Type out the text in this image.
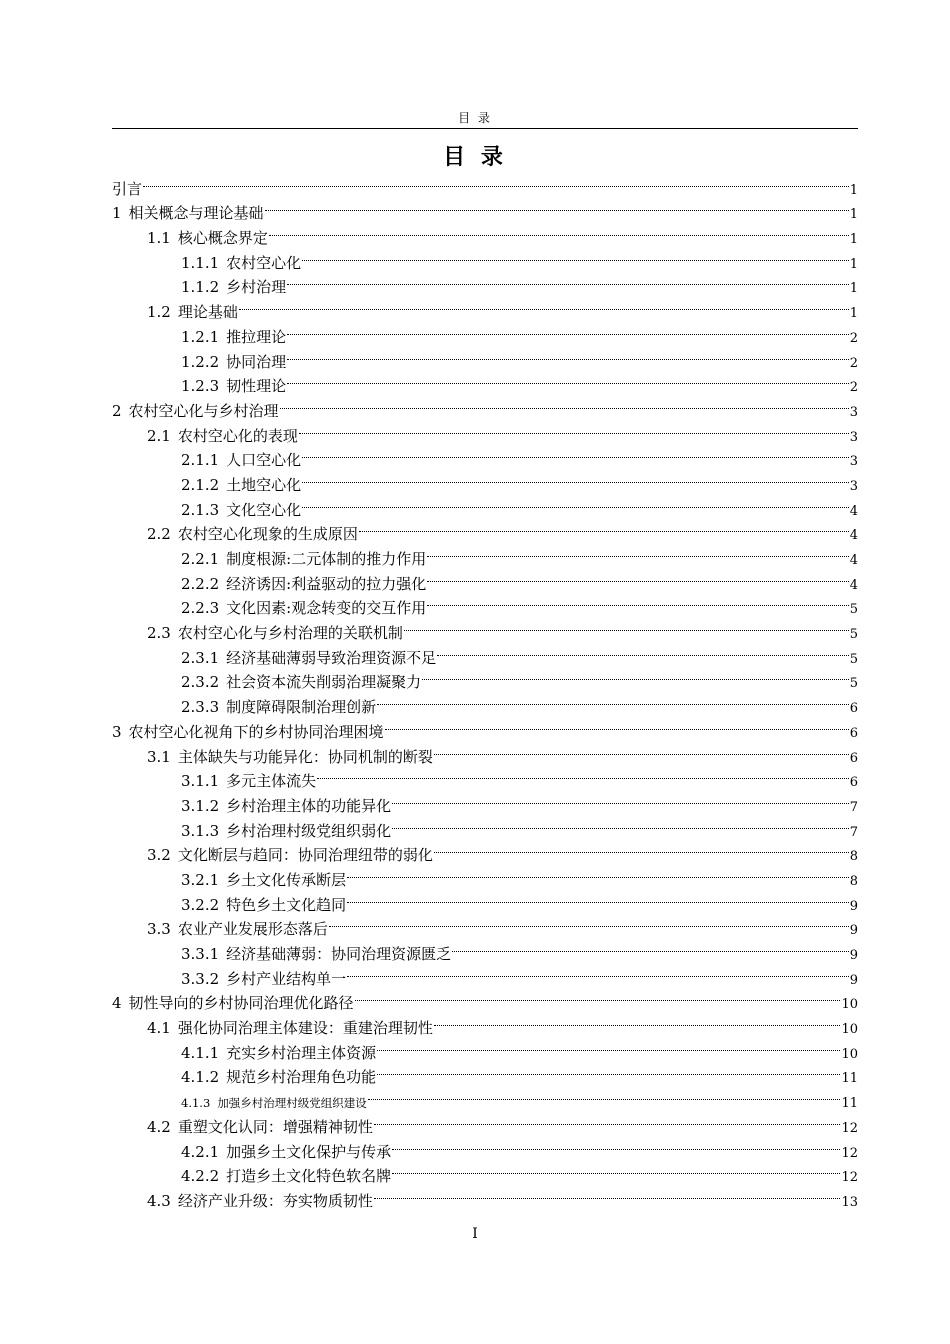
目 录
目 录
引言	1
1 相关概念与理论基础	1
1.1 核心概念界定	1
1.1.1 农村空心化	1
1.1.2 乡村治理	1
1.2 理论基础	1
1.2.1 推拉理论	2
1.2.2 协同治理	2
1.2.3 韧性理论	2
2 农村空心化与乡村治理	3
2.1 农村空心化的表现	3
2.1.1 人口空心化	3
2.1.2 土地空心化	3
2.1.3 文化空心化	4
2.2 农村空心化现象的生成原因	4
2.2.1 制度根源:二元体制的推力作用	4
2.2.2 经济诱因:利益驱动的拉力强化	4
2.2.3 文化因素:观念转变的交互作用	5
2.3 农村空心化与乡村治理的关联机制	5
2.3.1 经济基础薄弱导致治理资源不足	5
2.3.2 社会资本流失削弱治理凝聚力	5
2.3.3 制度障碍限制治理创新	6
3 农村空心化视角下的乡村协同治理困境	6
3.1 主体缺失与功能异化：协同机制的断裂	6
3.1.1 多元主体流失	6
3.1.2 乡村治理主体的功能异化	7
3.1.3 乡村治理村级党组织弱化	7
3.2 文化断层与趋同：协同治理纽带的弱化	8
3.2.1 乡土文化传承断层	8
3.2.2 特色乡土文化趋同	9
3.3 农业产业发展形态落后	9
3.3.1 经济基础薄弱：协同治理资源匮乏	9
3.3.2 乡村产业结构单一	9
4 韧性导向的乡村协同治理优化路径	10
4.1 强化协同治理主体建设：重建治理韧性	10
4.1.1 充实乡村治理主体资源	10
4.1.2 规范乡村治理角色功能	11
4.1.3 加强乡村治理村级党组织建设	11
4.2 重塑文化认同：增强精神韧性	12
4.2.1 加强乡土文化保护与传承	12
4.2.2 打造乡土文化特色软名牌	12
4.3 经济产业升级：夯实物质韧性	13
I
